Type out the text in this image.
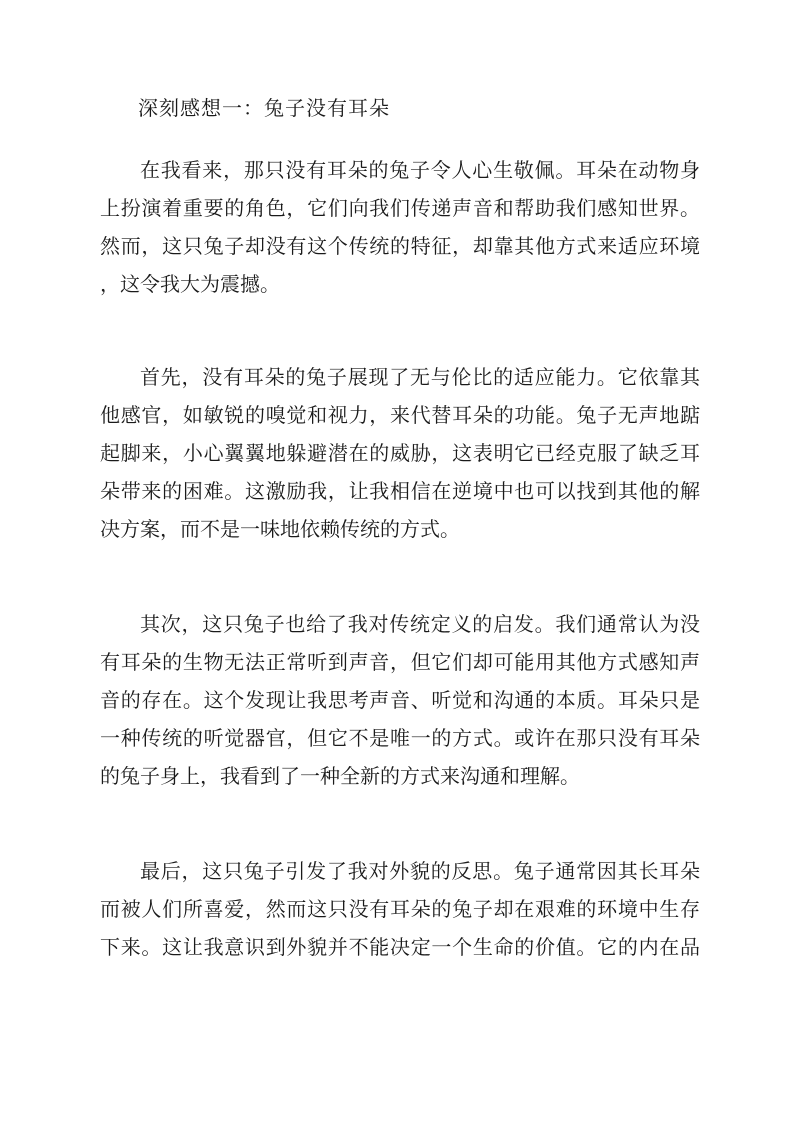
深刻感想一：兔子没有耳朵
在我看来，那只没有耳朵的兔子令人心生敬佩。耳朵在动物身
上扮演着重要的角色，它们向我们传递声音和帮助我们感知世界。
然而，这只兔子却没有这个传统的特征，却靠其他方式来适应环境
，这令我大为震撼。
首先，没有耳朵的兔子展现了无与伦比的适应能力。它依靠其
他感官，如敏锐的嗅觉和视力，来代替耳朵的功能。兔子无声地踮
起脚来，小心翼翼地躲避潜在的威胁，这表明它已经克服了缺乏耳
朵带来的困难。这激励我，让我相信在逆境中也可以找到其他的解
决方案，而不是一味地依赖传统的方式。
其次，这只兔子也给了我对传统定义的启发。我们通常认为没
有耳朵的生物无法正常听到声音，但它们却可能用其他方式感知声
音的存在。这个发现让我思考声音、听觉和沟通的本质。耳朵只是
一种传统的听觉器官，但它不是唯一的方式。或许在那只没有耳朵
的兔子身上，我看到了一种全新的方式来沟通和理解。
最后，这只兔子引发了我对外貌的反思。兔子通常因其长耳朵
而被人们所喜爱，然而这只没有耳朵的兔子却在艰难的环境中生存
下来。这让我意识到外貌并不能决定一个生命的价值。它的内在品
